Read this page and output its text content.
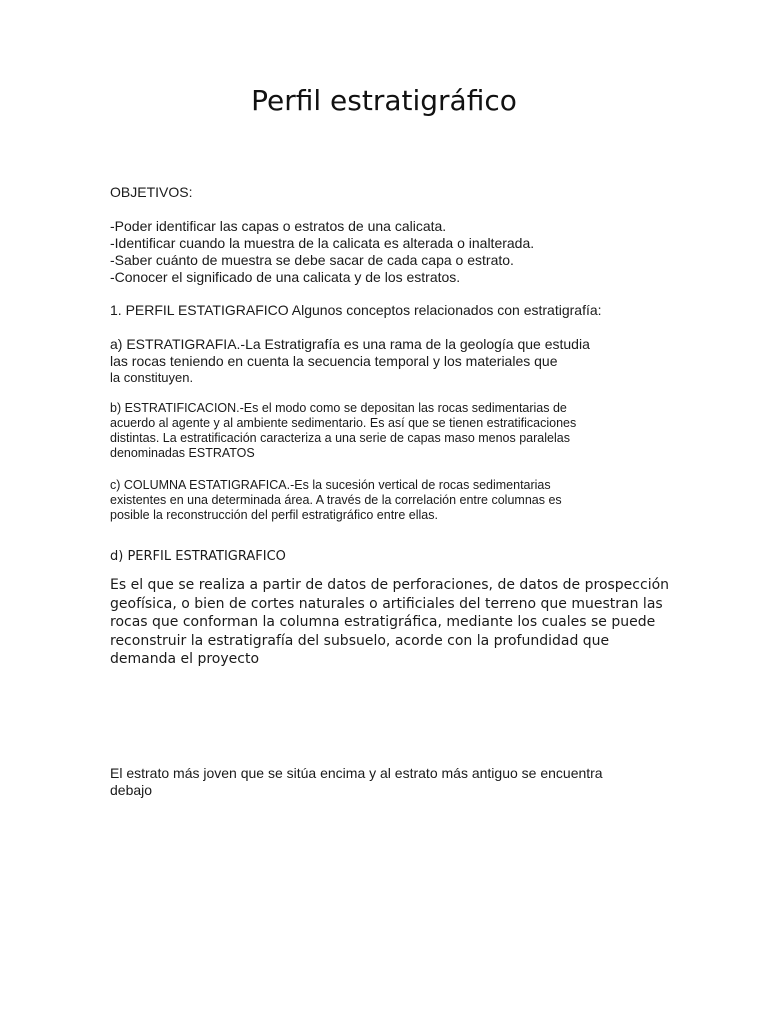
Perfil estratigráfico
OBJETIVOS:
-Poder identificar las capas o estratos de una calicata.
-Identificar cuando la muestra de la calicata es alterada o inalterada.
-Saber cuánto de muestra se debe sacar de cada capa o estrato.
-Conocer el significado de una calicata y de los estratos.
1. PERFIL ESTATIGRAFICO Algunos conceptos relacionados con estratigrafía:
a) ESTRATIGRAFIA.-La Estratigrafía es una rama de la geología que estudia
las rocas teniendo en cuenta la secuencia temporal y los materiales que
la constituyen.
b) ESTRATIFICACION.-Es el modo como se depositan las rocas sedimentarias de
acuerdo al agente y al ambiente sedimentario. Es así que se tienen estratificaciones
distintas. La estratificación caracteriza a una serie de capas maso menos paralelas
denominadas ESTRATOS
c) COLUMNA ESTATIGRAFICA.-Es la sucesión vertical de rocas sedimentarias
existentes en una determinada área. A través de la correlación entre columnas es
posible la reconstrucción del perfil estratigráfico entre ellas.
d) PERFIL ESTRATIGRAFICO
Es el que se realiza a partir de datos de perforaciones, de datos de prospección
geofísica, o bien de cortes naturales o artificiales del terreno que muestran las
rocas que conforman la columna estratigráfica, mediante los cuales se puede
reconstruir la estratigrafía del subsuelo, acorde con la profundidad que
demanda el proyecto
El estrato más joven que se sitúa encima y al estrato más antiguo se encuentra
debajo
